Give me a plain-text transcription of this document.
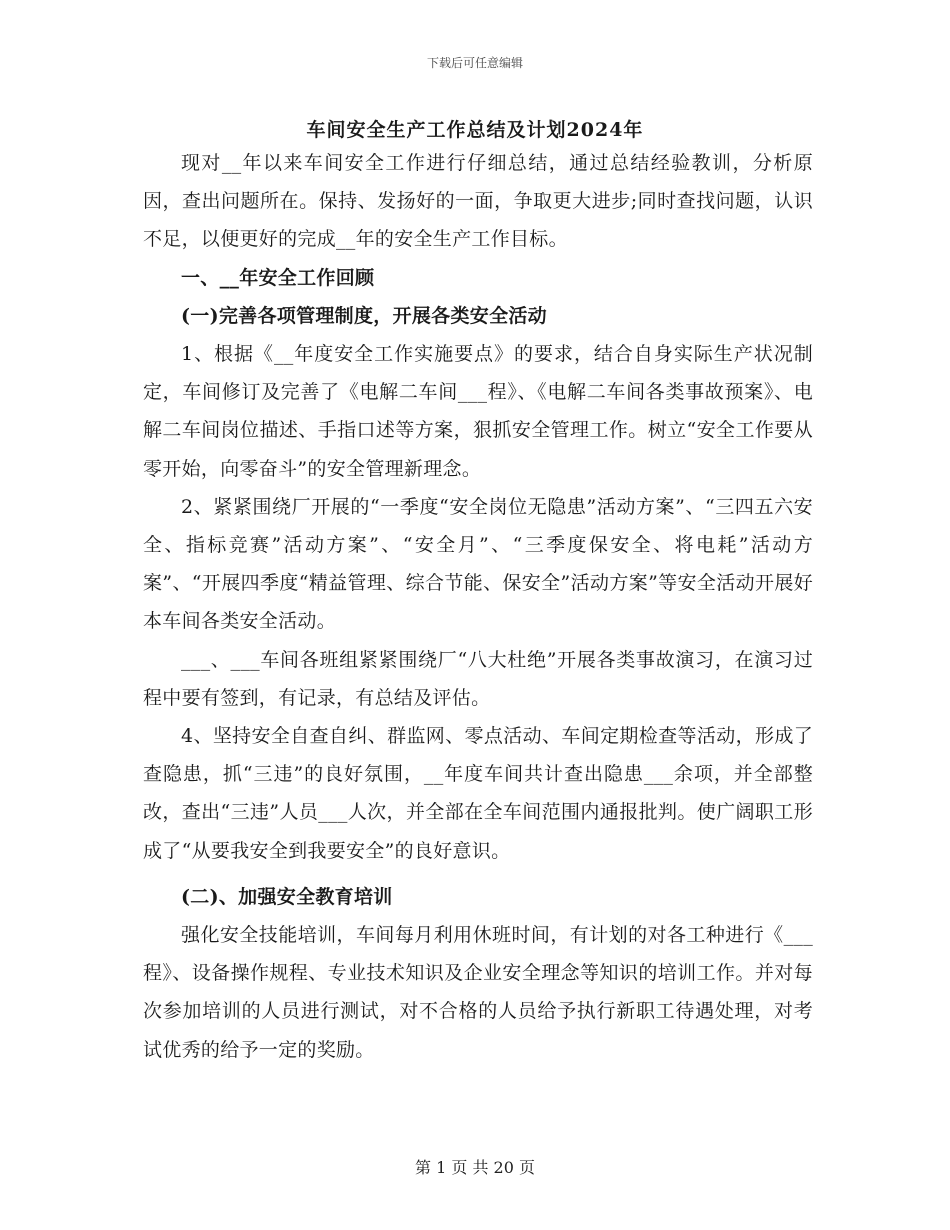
下载后可任意编辑
车间安全生产工作总结及计划2024年

现对__年以来车间安全工作进行仔细总结，通过总结经验教训，分析原因，查出问题所在。保持、发扬好的一面，争取更大进步;同时查找问题，认识不足，以便更好的完成__年的安全生产工作目标。

一、__年安全工作回顾

(一)完善各项管理制度，开展各类安全活动

1、根据《__年度安全工作实施要点》的要求，结合自身实际生产状况制定，车间修订及完善了《电解二车间___程》、《电解二车间各类事故预案》、电解二车间岗位描述、手指口述等方案，狠抓安全管理工作。树立“安全工作要从零开始，向零奋斗”的安全管理新理念。

2、紧紧围绕厂开展的“一季度“安全岗位无隐患”活动方案”、“三四五六安全、指标竞赛”活动方案”、“安全月”、“三季度保安全、将电耗”活动方案”、“开展四季度“精益管理、综合节能、保安全”活动方案”等安全活动开展好本车间各类安全活动。

___、___车间各班组紧紧围绕厂“八大杜绝”开展各类事故演习，在演习过程中要有签到，有记录，有总结及评估。

4、坚持安全自查自纠、群监网、零点活动、车间定期检查等活动，形成了查隐患，抓“三违”的良好氛围，__年度车间共计查出隐患___余项，并全部整改，查出“三违”人员___人次，并全部在全车间范围内通报批判。使广阔职工形成了“从要我安全到我要安全”的良好意识。

(二)、加强安全教育培训

强化安全技能培训，车间每月利用休班时间，有计划的对各工种进行《___程》、设备操作规程、专业技术知识及企业安全理念等知识的培训工作。并对每次参加培训的人员进行测试，对不合格的人员给予执行新职工待遇处理，对考试优秀的给予一定的奖励。

第 1 页 共 20 页
